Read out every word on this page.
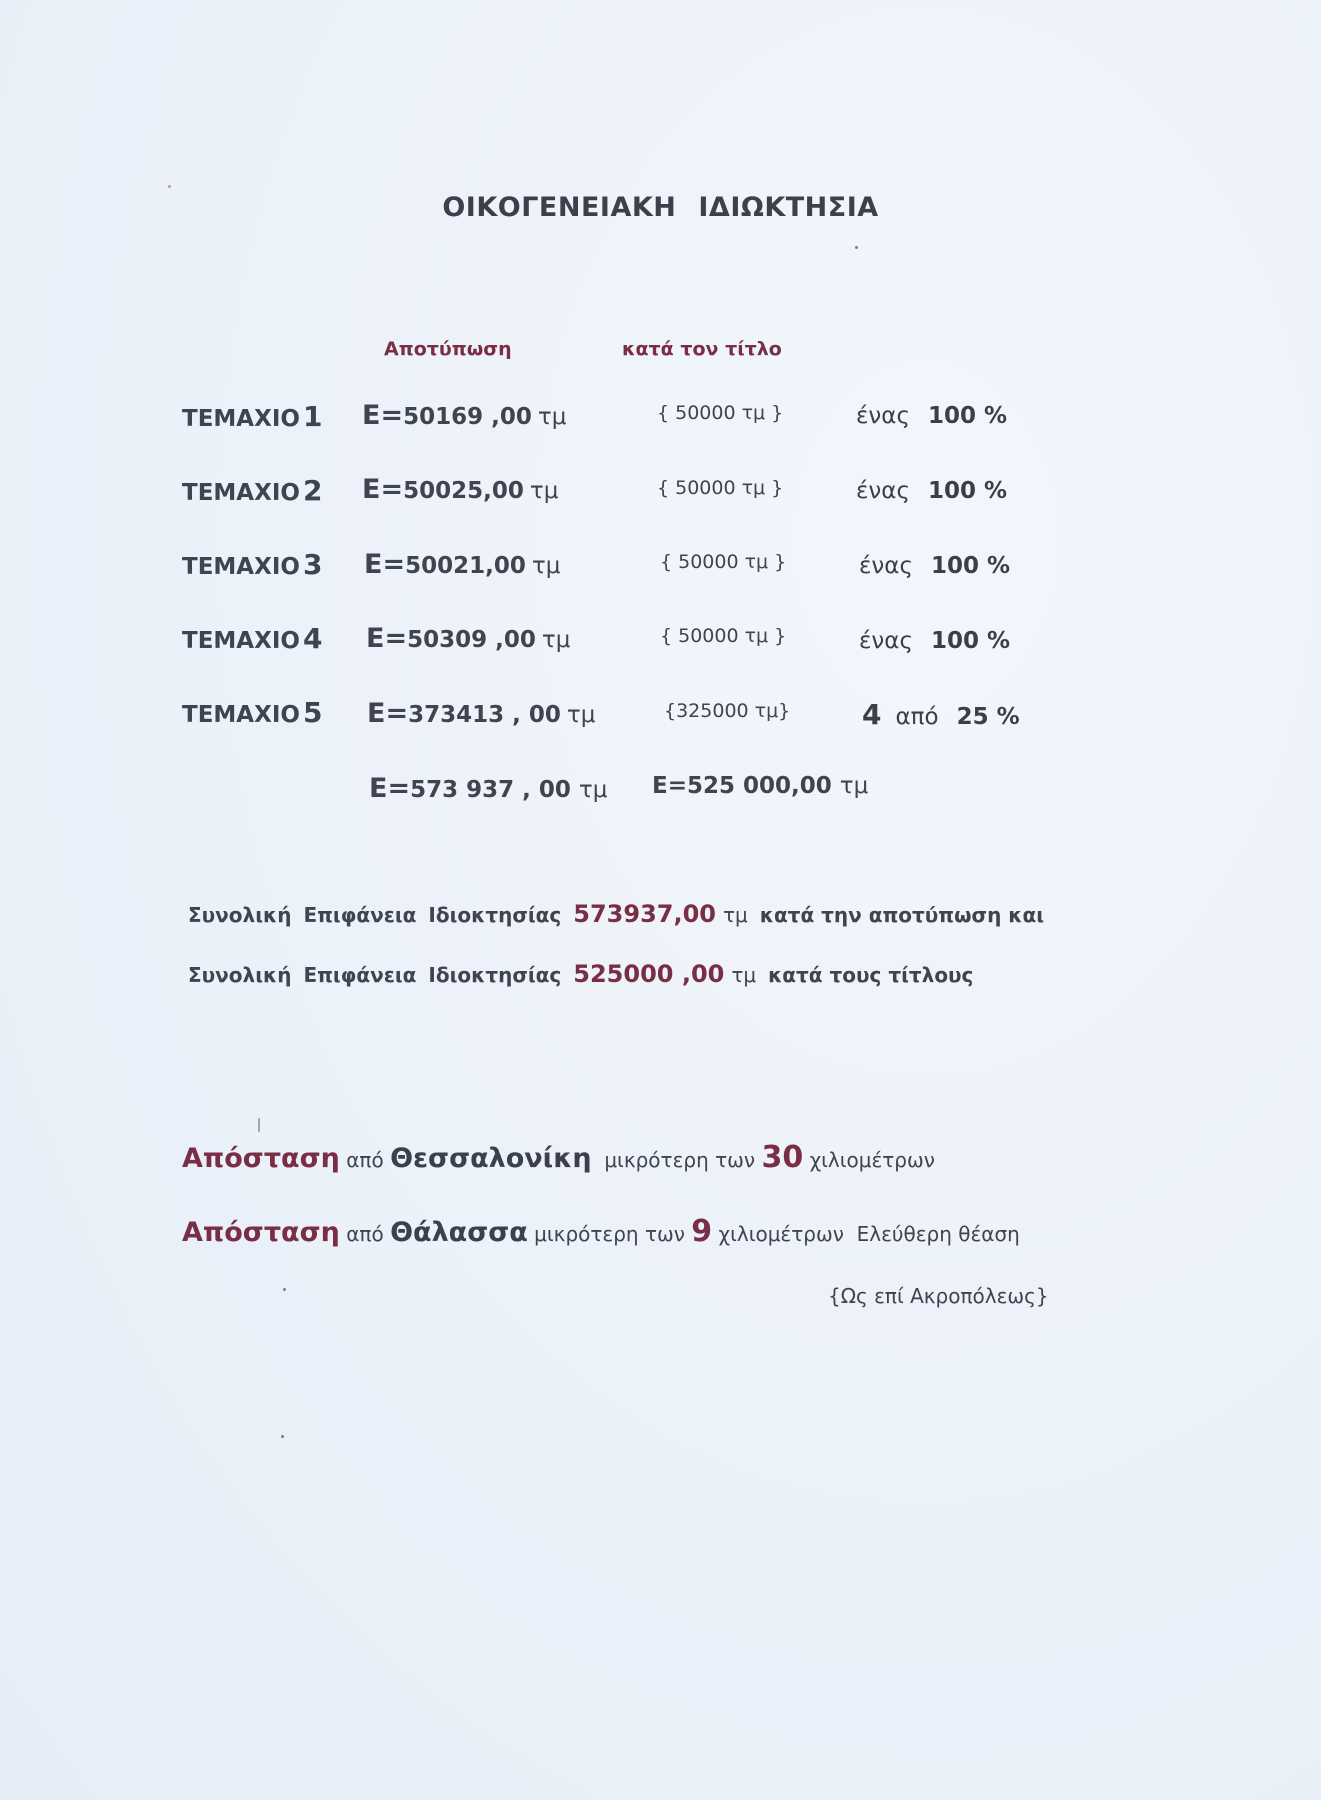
ΟΙΚΟΓΕΝΕΙΑΚΗ ΙΔΙΩΚΤΗΣΙΑ
Αποτύπωση	κατά τον τίτλο
ΤΕΜΑΧΙΟ 1 Ε=50169 ,00 τμ	{ 50000 τμ }	ένας 100 %
ΤΕΜΑΧΙΟ 2 Ε=50025,00 τμ	{ 50000 τμ }	ένας 100 %
ΤΕΜΑΧΙΟ 3 Ε=50021,00 τμ	{ 50000 τμ }	ένας 100 %
ΤΕΜΑΧΙΟ 4 Ε=50309 ,00 τμ	{ 50000 τμ }	ένας 100 %
ΤΕΜΑΧΙΟ 5 Ε=373413 , 00 τμ	{325000 τμ}	4 από 25 %
Ε=573 937 , 00 τμ Ε=525 000,00 τμ
Συνολική Επιφάνεια Ιδιοκτησίας 573937,00 τμ κατά την αποτύπωση και
Συνολική Επιφάνεια Ιδιοκτησίας 525000 ,00 τμ κατά τους τίτλους
Απόσταση από Θεσσαλονίκη μικρότερη των 30 χιλιομέτρων
Απόσταση από Θάλασσα μικρότερη των 9 χιλιομέτρων Ελεύθερη θέαση
{Ως επί Ακροπόλεως}
